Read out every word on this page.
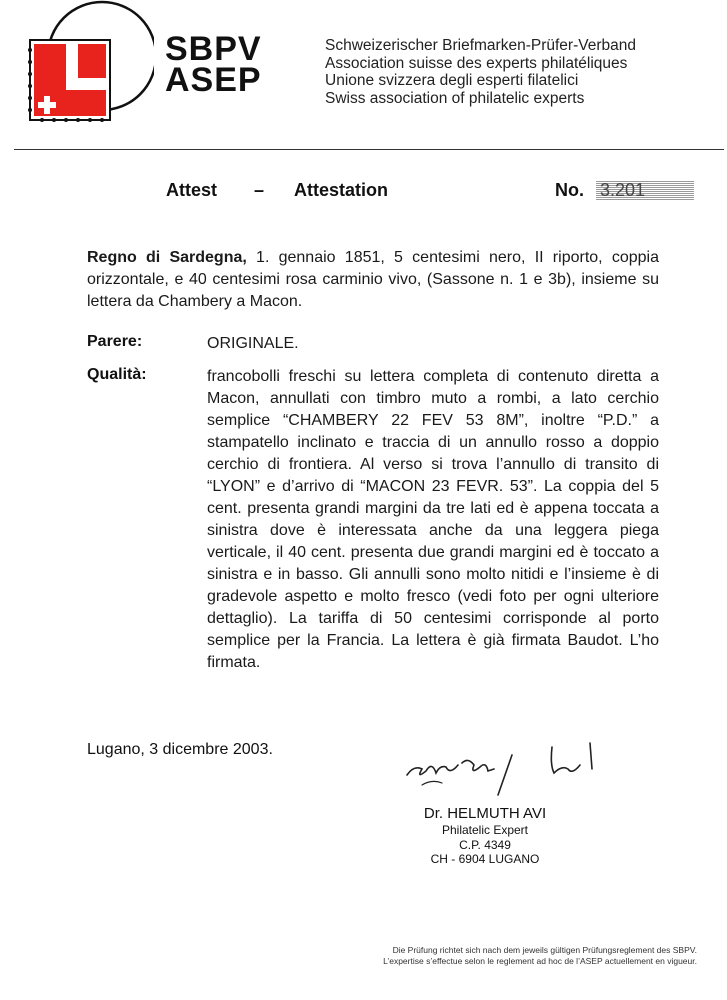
SBPV
ASEP
Schweizerischer Briefmarken-Prüfer-Verband
Association suisse des experts philatéliques
Unione svizzera degli esperti filatelici
Swiss association of philatelic experts
Attest – Attestation	No. 3.201
Regno di Sardegna, 1. gennaio 1851, 5 centesimi nero, II riporto, coppia orizzontale, e 40 centesimi rosa carminio vivo, (Sassone n. 1 e 3b), insieme su lettera da Chambery a Macon.
Parere:	ORIGINALE.
Qualità:	francobolli freschi su lettera completa di contenuto diretta a Macon, annullati con timbro muto a rombi, a lato cerchio semplice “CHAMBERY 22 FEV 53 8M”, inoltre “P.D.” a stampatello inclinato e traccia di un annullo rosso a doppio cerchio di frontiera. Al verso si trova l’annullo di transito di “LYON” e d’arrivo di “MACON 23 FEVR. 53”. La coppia del 5 cent. presenta grandi margini da tre lati ed è appena toccata a sinistra dove è interessata anche da una leggera piega verticale, il 40 cent. presenta due grandi margini ed è toccato a sinistra e in basso. Gli annulli sono molto nitidi e l’insieme è di gradevole aspetto e molto fresco (vedi foto per ogni ulteriore dettaglio). La tariffa di 50 centesimi corrisponde al porto semplice per la Francia. La lettera è già firmata Baudot. L’ho firmata.
Lugano, 3 dicembre 2003.
Dr. HELMUTH AVI
Philatelic Expert
C.P. 4349
CH - 6904 LUGANO
Die Prüfung richtet sich nach dem jeweils gültigen Prüfungsreglement des SBPV.
L’expertise s’effectue selon le reglement ad hoc de l’ASEP actuellement en vigueur.
